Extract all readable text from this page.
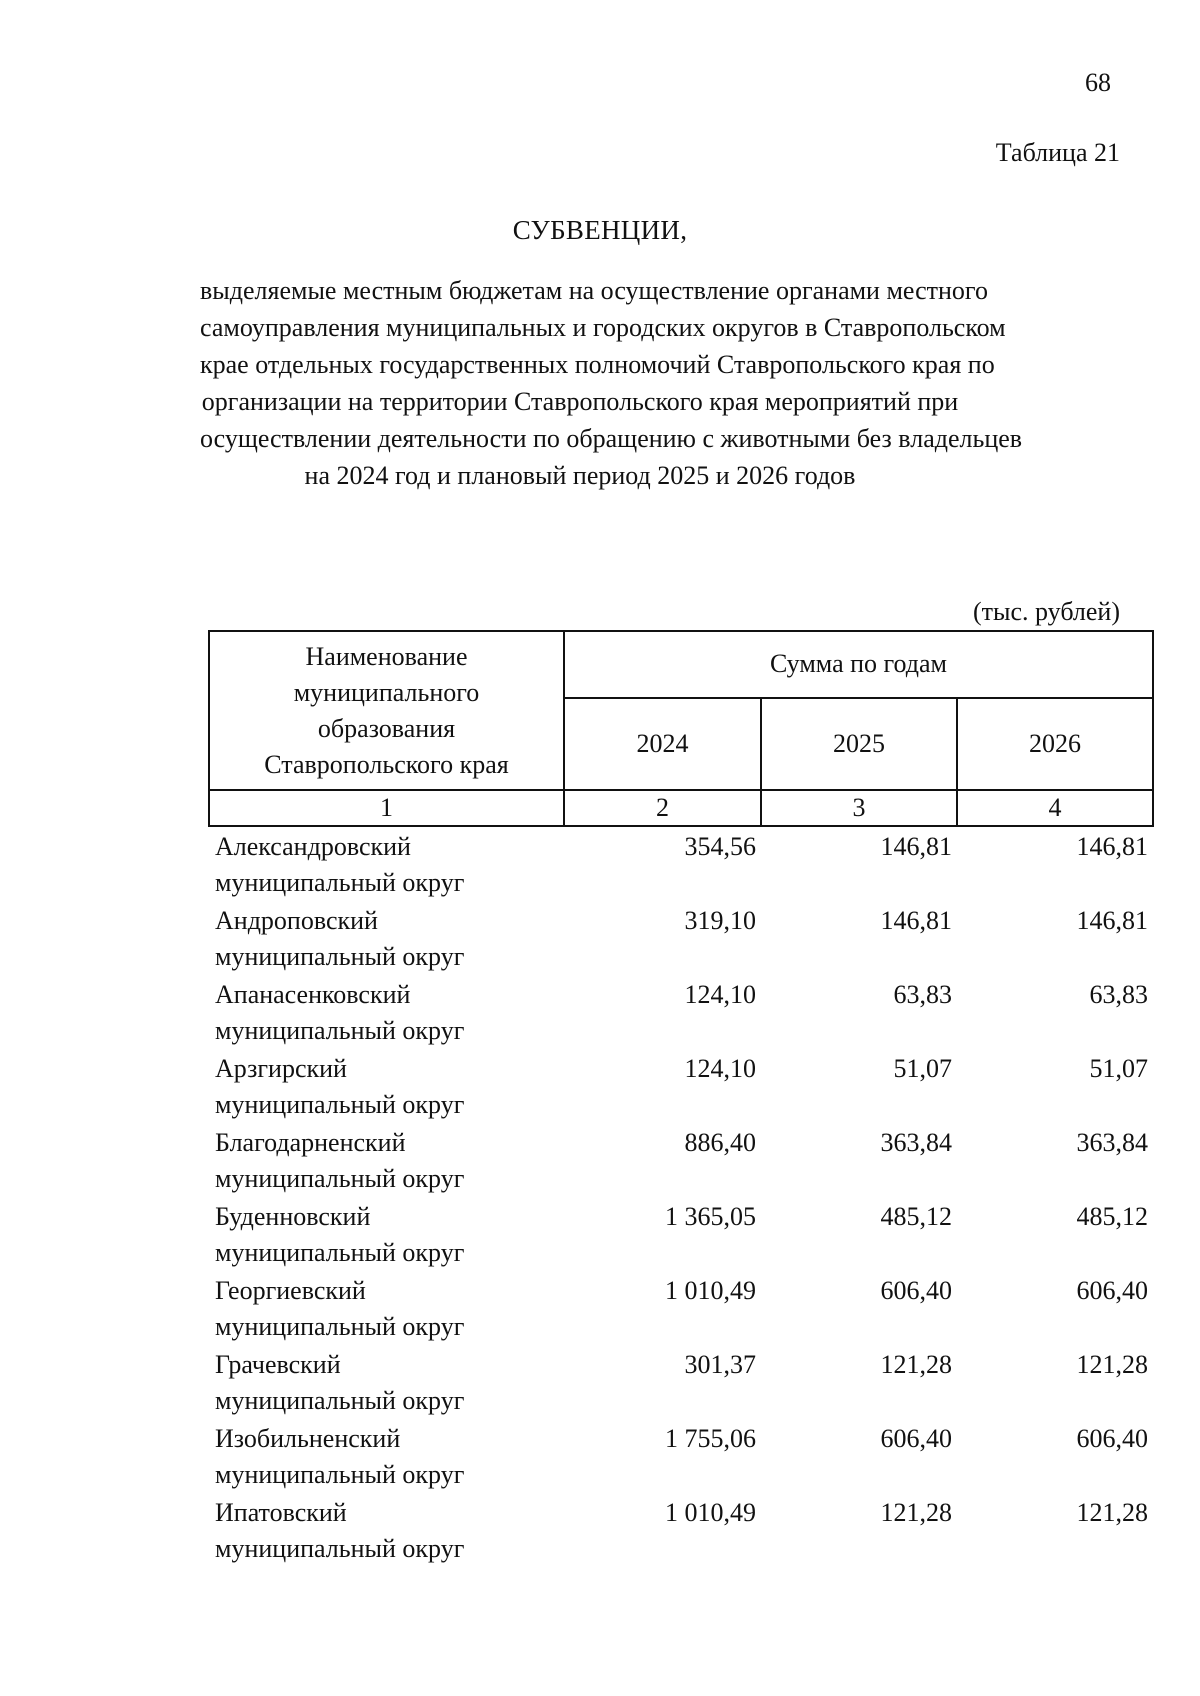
68
Таблица 21
СУБВЕНЦИИ,
выделяемые местным бюджетам на осуществление органами местного
самоуправления муниципальных и городских округов в Ставропольском
крае отдельных государственных полномочий Ставропольского края по
организации на территории Ставропольского края мероприятий при
осуществлении деятельности по обращению с животными без владельцев
на 2024 год и плановый период 2025 и 2026 годов
(тыс. рублей)
Наименование
муниципального
образования
Ставропольского края	Сумма по годам		
	2024	2025	2026
1	2	3	4

Александровский
муниципальный округ	354,56	146,81	146,81

Андроповский
муниципальный округ	319,10	146,81	146,81

Апанасенковский
муниципальный округ	124,10	63,83	63,83

Арзгирский
муниципальный округ	124,10	51,07	51,07

Благодарненский
муниципальный округ	886,40	363,84	363,84

Буденновский
муниципальный округ	1 365,05	485,12	485,12

Георгиевский
муниципальный округ	1 010,49	606,40	606,40

Грачевский
муниципальный округ	301,37	121,28	121,28

Изобильненский
муниципальный округ	1 755,06	606,40	606,40

Ипатовский
муниципальный округ	1 010,49	121,28	121,28
